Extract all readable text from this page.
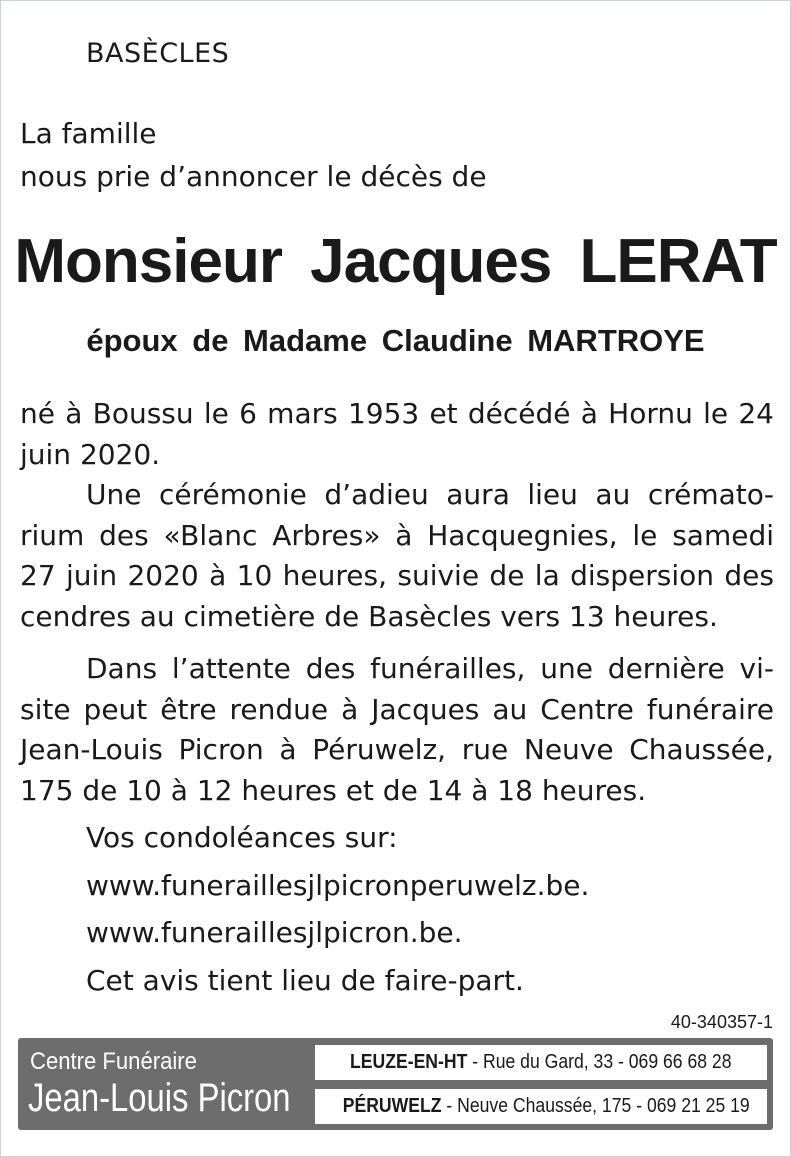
BASÈCLES
La famille
nous prie d’annoncer le décès de
Monsieur Jacques LERAT
époux de Madame Claudine MARTROYE
né à Boussu le 6 mars 1953 et décédé à Hornu le 24 juin 2020.
Une cérémonie d’adieu aura lieu au crématorium des «Blanc Arbres» à Hacquegnies, le samedi 27 juin 2020 à 10 heures, suivie de la dispersion des cendres au cimetière de Basècles vers 13 heures.
Dans l’attente des funérailles, une dernière visite peut être rendue à Jacques au Centre funéraire Jean-Louis Picron à Péruwelz, rue Neuve Chaussée, 175 de 10 à 12 heures et de 14 à 18 heures.
Vos condoléances sur:
www.funeraillesjlpicronperuwelz.be.
www.funeraillesjlpicron.be.
Cet avis tient lieu de faire-part.
40-340357-1
Centre Funéraire
Jean-Louis Picron
LEUZE-EN-HT - Rue du Gard, 33 - 069 66 68 28
PÉRUWELZ - Neuve Chaussée, 175 - 069 21 25 19
